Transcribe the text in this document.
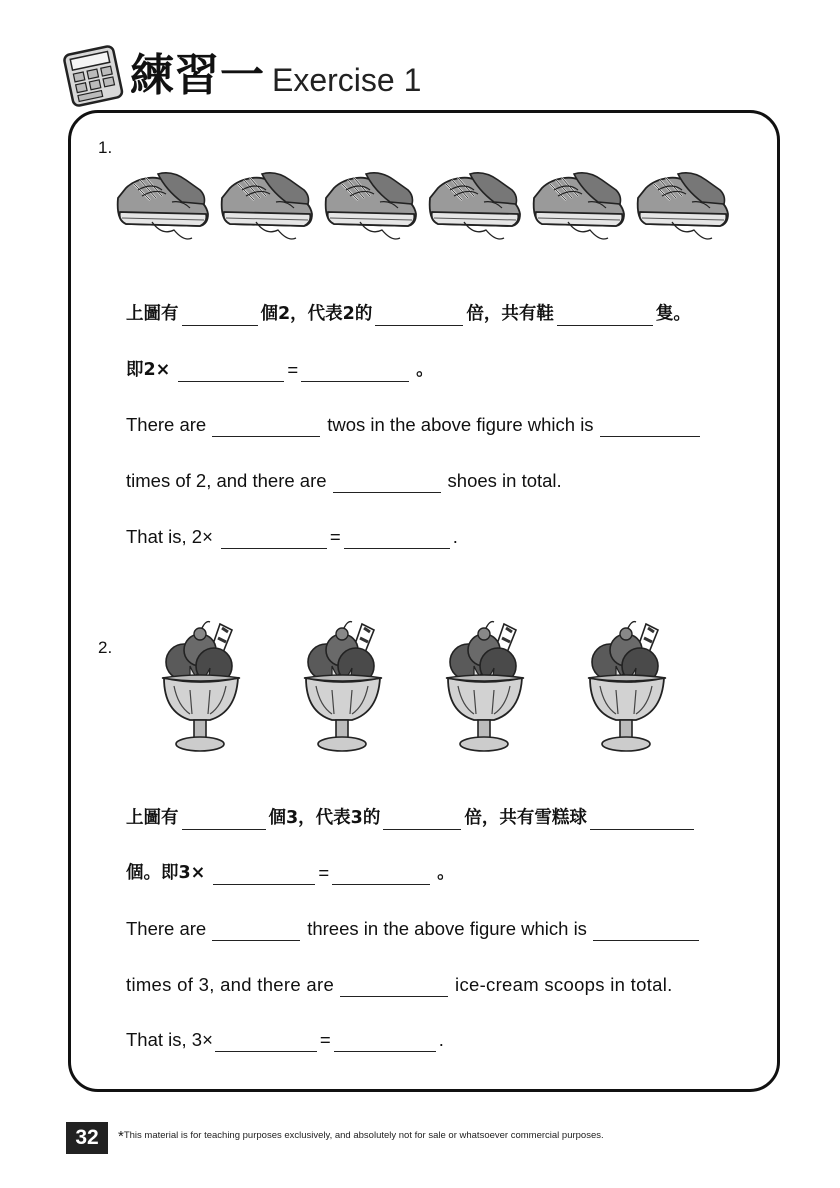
練習一 Exercise 1
1.
上圖有	個2，代表2的	倍，共有鞋	隻。
即2×	=	。
There are	twos in the above figure which is
times of 2, and there are	shoes in total.
That is, 2×	=	.
2.
上圖有	個3，代表3的	倍，共有雪糕球
個。即3×	=	。
There are	threes in the above figure which is
times of 3, and there are	ice-cream scoops in total.
That is, 3×	=	.
32	*This material is for teaching purposes exclusively, and absolutely not for sale or whatsoever commercial purposes.
